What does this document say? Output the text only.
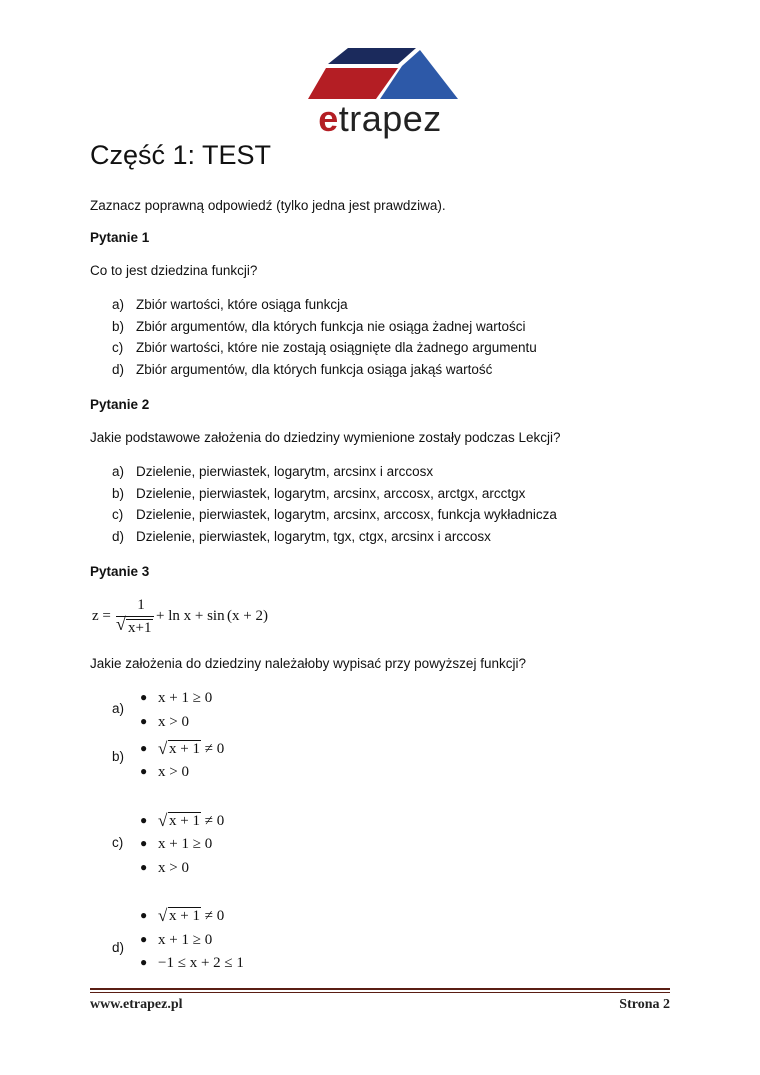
etrapez
Część 1: TEST
Zaznacz poprawną odpowiedź (tylko jedna jest prawdziwa).
Pytanie 1
Co to jest dziedzina funkcji?
a) Zbiór wartości, które osiąga funkcja
b) Zbiór argumentów, dla których funkcja nie osiąga żadnej wartości
c) Zbiór wartości, które nie zostają osiągnięte dla żadnego argumentu
d) Zbiór argumentów, dla których funkcja osiąga jakąś wartość
Pytanie 2
Jakie podstawowe założenia do dziedziny wymienione zostały podczas Lekcji?
a) Dzielenie, pierwiastek, logarytm, arcsinx i arccosx
b) Dzielenie, pierwiastek, logarytm, arcsinx, arccosx, arctgx, arcctgx
c) Dzielenie, pierwiastek, logarytm, arcsinx, arccosx, funkcja wykładnicza
d) Dzielenie, pierwiastek, logarytm, tgx, ctgx, arcsinx i arccosx
Pytanie 3
z =
1
√ x+1
+ ln x + sin (x + 2)
Jakie założenia do dziedziny należałoby wypisać przy powyższej funkcji?
a)
● x + 1 ≥ 0
● x > 0
b)
● √ x + 1 ≠ 0
● x > 0
c)
● √ x + 1 ≠ 0
● x + 1 ≥ 0
● x > 0
d)
● √ x + 1 ≠ 0
● x + 1 ≥ 0
● −1 ≤ x + 2 ≤ 1
www.etrapez.pl	Strona 2
